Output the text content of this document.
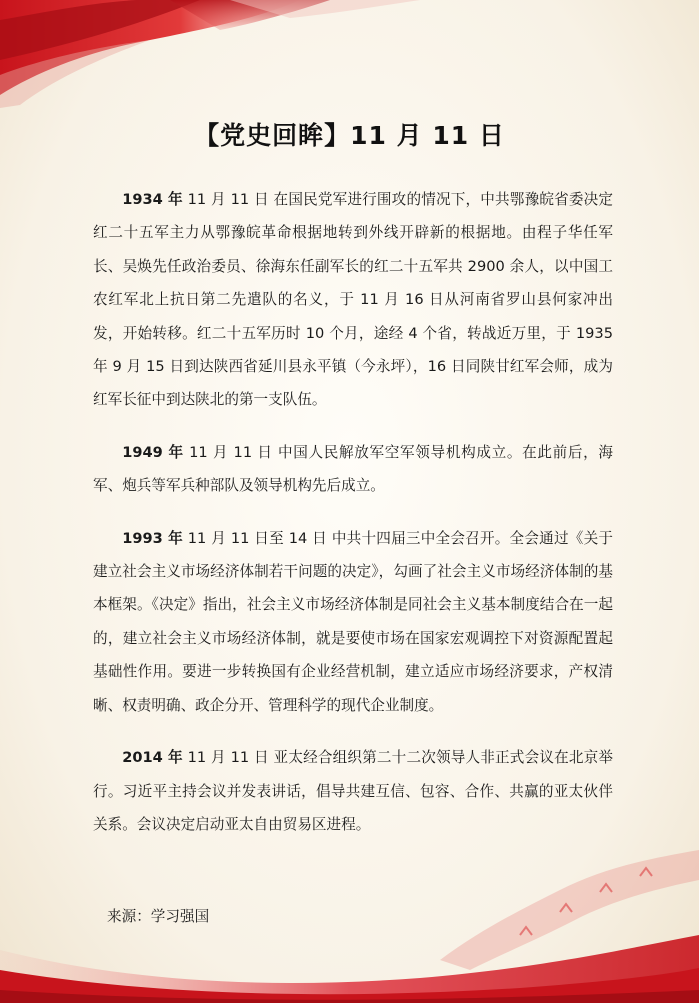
【党史回眸】11 月 11 日

1934 年 11 月 11 日 在国民党军进行围攻的情况下，中共鄂豫皖省委决定红二十五军主力从鄂豫皖革命根据地转到外线开辟新的根据地。由程子华任军长、吴焕先任政治委员、徐海东任副军长的红二十五军共 2900 余人，以中国工农红军北上抗日第二先遣队的名义，于 11 月 16 日从河南省罗山县何家冲出发，开始转移。红二十五军历时 10 个月，途经 4 个省，转战近万里，于 1935 年 9 月 15 日到达陕西省延川县永平镇（今永坪），16 日同陕甘红军会师，成为红军长征中到达陕北的第一支队伍。

1949 年 11 月 11 日 中国人民解放军空军领导机构成立。在此前后，海军、炮兵等军兵种部队及领导机构先后成立。

1993 年 11 月 11 日至 14 日 中共十四届三中全会召开。全会通过《关于建立社会主义市场经济体制若干问题的决定》，勾画了社会主义市场经济体制的基本框架。《决定》指出，社会主义市场经济体制是同社会主义基本制度结合在一起的，建立社会主义市场经济体制，就是要使市场在国家宏观调控下对资源配置起基础性作用。要进一步转换国有企业经营机制，建立适应市场经济要求，产权清晰、权责明确、政企分开、管理科学的现代企业制度。

2014 年 11 月 11 日 亚太经合组织第二十二次领导人非正式会议在北京举行。习近平主持会议并发表讲话，倡导共建互信、包容、合作、共赢的亚太伙伴关系。会议决定启动亚太自由贸易区进程。

来源：学习强国
